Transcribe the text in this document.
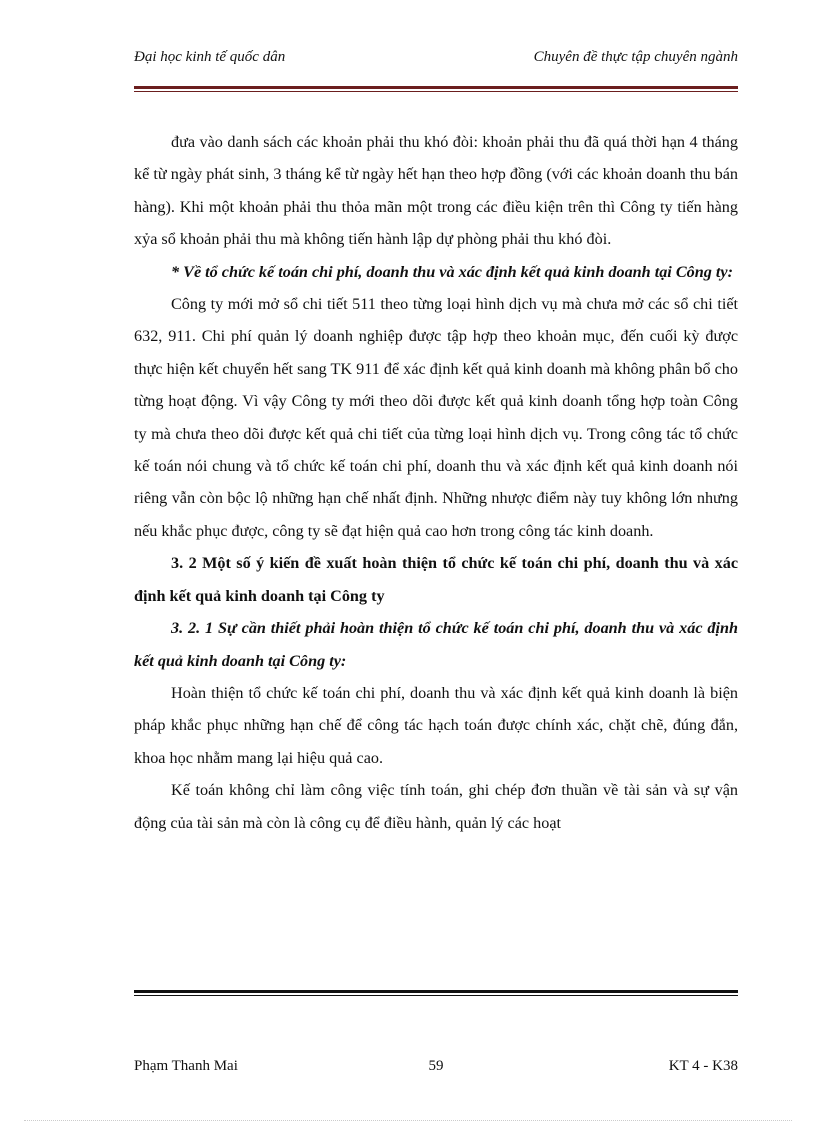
Đại học kinh tế quốc dân	Chuyên đề thực tập chuyên ngành

đưa vào danh sách các khoản phải thu khó đòi: khoản phải thu đã quá thời hạn 4 tháng kể từ ngày phát sinh, 3 tháng kể từ ngày hết hạn theo hợp đồng (với các khoản doanh thu bán hàng). Khi một khoản phải thu thỏa mãn một trong các điều kiện trên thì Công ty tiến hàng xỷa sổ khoản phải thu mà không tiến hành lập dự phòng phải thu khó đòi.

* Về tổ chức kế toán chi phí, doanh thu và xác định kết quả kinh doanh tại Công ty:

Công ty mới mở sổ chi tiết 511 theo từng loại hình dịch vụ mà chưa mở các sổ chi tiết 632, 911. Chi phí quản lý doanh nghiệp được tập hợp theo khoản mục, đến cuối kỳ được thực hiện kết chuyển hết sang TK 911 để xác định kết quả kinh doanh mà không phân bổ cho từng hoạt động. Vì vậy Công ty mới theo dõi được kết quả kinh doanh tổng hợp toàn Công ty mà chưa theo dõi được kết quả chi tiết của từng loại hình dịch vụ. Trong công tác tổ chức kế toán nói chung và tổ chức kế toán chi phí, doanh thu và xác định kết quả kinh doanh nói riêng vẫn còn bộc lộ những hạn chế nhất định. Những nhược điểm này tuy không lớn nhưng nếu khắc phục được, công ty sẽ đạt hiện quả cao hơn trong công tác kinh doanh.

3. 2 Một số ý kiến đề xuất hoàn thiện tổ chức kế toán chi phí, doanh thu và xác định kết quả kinh doanh tại Công ty

3. 2. 1 Sự cần thiết phải hoàn thiện tổ chức kế toán chi phí, doanh thu và xác định kết quả kinh doanh tại Công ty:

Hoàn thiện tổ chức kế toán chi phí, doanh thu và xác định kết quả kinh doanh là biện pháp khắc phục những hạn chế để công tác hạch toán được chính xác, chặt chẽ, đúng đắn, khoa học nhằm mang lại hiệu quả cao.

Kế toán không chỉ làm công việc tính toán, ghi chép đơn thuần về tài sản và sự vận động của tài sản mà còn là công cụ để điều hành, quản lý các hoạt

Phạm Thanh Mai	59	KT 4 - K38
